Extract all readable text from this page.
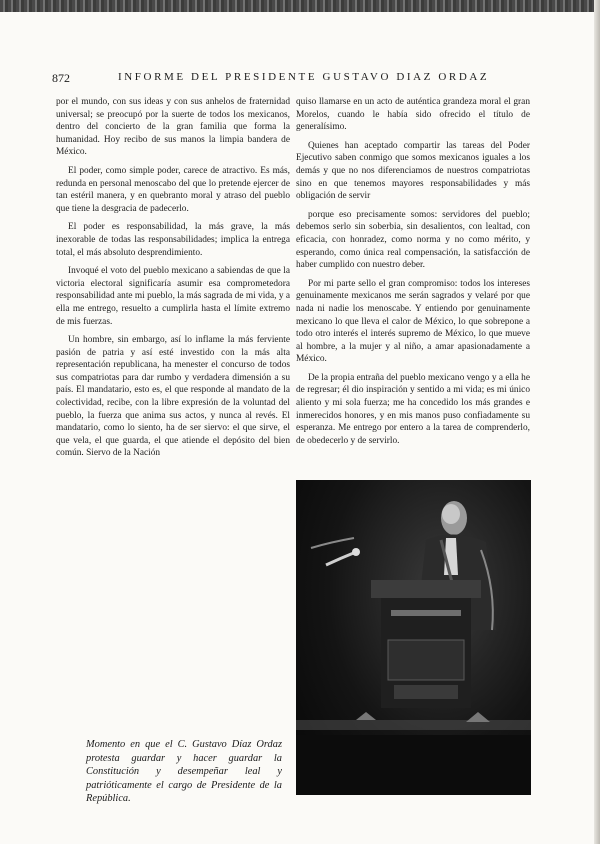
872	INFORME DEL PRESIDENTE GUSTAVO DIAZ ORDAZ

por el mundo, con sus ideas y con sus anhelos de fraternidad universal; se preocupó por la suerte de todos los mexicanos, dentro del concierto de la gran familia que forma la humanidad. Hoy recibo de sus manos la limpia bandera de México.

El poder, como simple poder, carece de atractivo. Es más, redunda en personal menoscabo del que lo pretende ejercer de tan estéril manera, y en quebranto moral y atraso del pueblo que tiene la desgracia de padecerlo.

El poder es responsabilidad, la más grave, la más inexorable de todas las responsabilidades; implica la entrega total, el más absoluto desprendimiento.

Invoqué el voto del pueblo mexicano a sabiendas de que la victoria electoral significaría asumir esa comprometedora responsabilidad ante mi pueblo, la más sagrada de mi vida, y a ella me entrego, resuelto a cumplirla hasta el límite extremo de mis fuerzas.

Un hombre, sin embargo, así lo inflame la más ferviente pasión de patria y así esté investido con la más alta representación republicana, ha menester el concurso de todos sus compatriotas para dar rumbo y verdadera dimensión a su país. El mandatario, esto es, el que responde al mandato de la colectividad, recibe, con la libre expresión de la voluntad del pueblo, la fuerza que anima sus actos, y nunca al revés. El mandatario, como lo siento, ha de ser siervo: el que sirve, el que vela, el que guarda, el que atiende el depósito del bien común. Siervo de la Nación

quiso llamarse en un acto de auténtica grandeza moral el gran Morelos, cuando le había sido ofrecido el título de generalísimo.

Quienes han aceptado compartir las tareas del Poder Ejecutivo saben conmigo que somos mexicanos iguales a los demás y que no nos diferenciamos de nuestros compatriotas sino en que tenemos mayores responsabilidades y más obligación de servir

porque eso precisamente somos: servidores del pueblo; debemos serlo sin soberbia, sin desalientos, con lealtad, con eficacia, con honradez, como norma y no como mérito, y esperando, como única real compensación, la satisfacción de haber cumplido con nuestro deber.

Por mi parte sello el gran compromiso: todos los intereses genuinamente mexicanos me serán sagrados y velaré por que nada ni nadie los menoscabe. Y entiendo por genuinamente mexicano lo que lleva el calor de México, lo que sobrepone a todo otro interés el interés supremo de México, lo que mueve al hombre, a la mujer y al niño, a amar apasionadamente a México.

De la propia entraña del pueblo mexicano vengo y a ella he de regresar; él dio inspiración y sentido a mi vida; es mi único aliento y mi sola fuerza; me ha concedido los más grandes e inmerecidos honores, y en mis manos puso confiadamente su esperanza. Me entrego por entero a la tarea de comprenderlo, de obedecerlo y de servirlo.

Momento en que el C. Gustavo Díaz Ordaz protesta guardar y hacer guardar la Constitución y desempeñar leal y patrióticamente el cargo de Presidente de la República.
